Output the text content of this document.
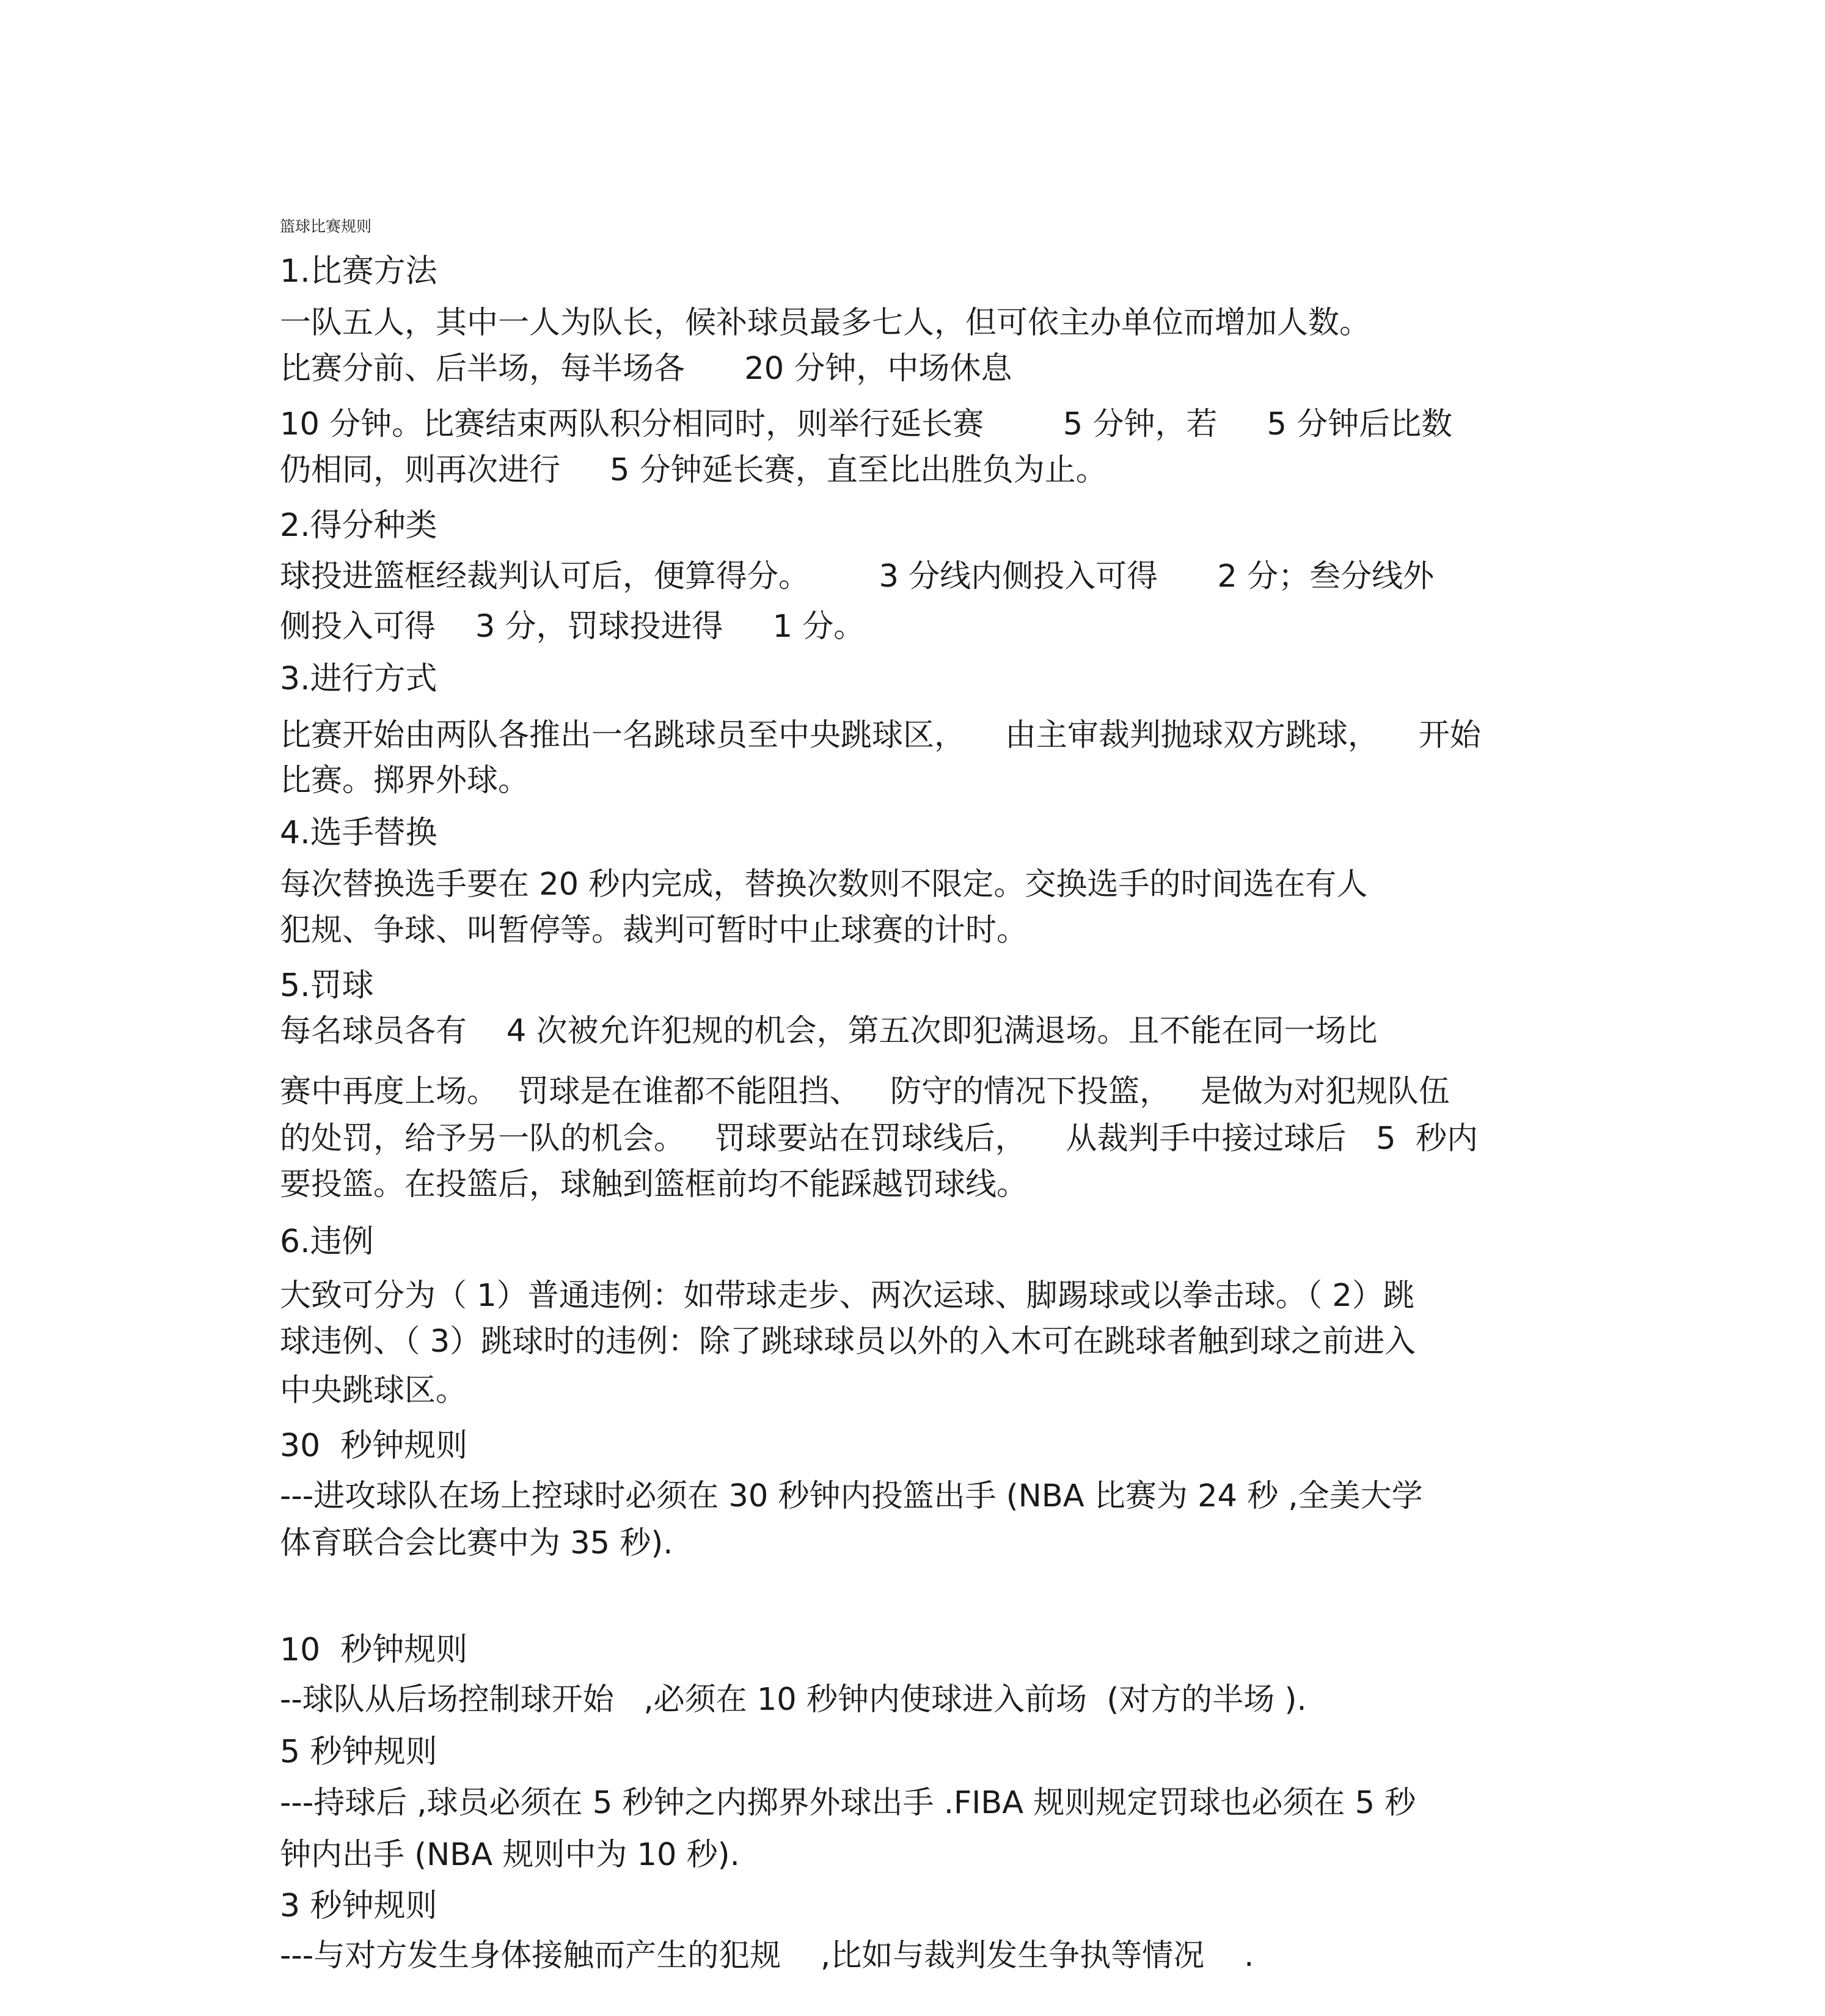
篮球比赛规则
1.比赛方法
一队五人，其中一人为队长，候补球员最多七人，但可依主办单位而增加人数。
比赛分前、后半场，每半场各      20 分钟，中场休息
10 分钟。比赛结束两队积分相同时，则举行延长赛        5 分钟，若     5 分钟后比数
仍相同，则再次进行     5 分钟延长赛，直至比出胜负为止。
2.得分种类
球投进篮框经裁判认可后，便算得分。       3 分线内侧投入可得      2 分；叁分线外
侧投入可得    3 分，罚球投进得     1 分。
3.进行方式
比赛开始由两队各推出一名跳球员至中央跳球区，    由主审裁判抛球双方跳球，    开始
比赛。掷界外球。
4.选手替换
每次替换选手要在 20 秒内完成，替换次数则不限定。交换选手的时间选在有人
犯规、争球、叫暂停等。裁判可暂时中止球赛的计时。
5.罚球
每名球员各有    4 次被允许犯规的机会，第五次即犯满退场。且不能在同一场比
赛中再度上场。  罚球是在谁都不能阻挡、   防守的情况下投篮，   是做为对犯规队伍
的处罚，给予另一队的机会。   罚球要站在罚球线后，    从裁判手中接过球后   5  秒内
要投篮。在投篮后，球触到篮框前均不能踩越罚球线。
6.违例
大致可分为（ 1）普通违例：如带球走步、两次运球、脚踢球或以拳击球。（ 2）跳
球违例、（ 3）跳球时的违例：除了跳球球员以外的入木可在跳球者触到球之前进入
中央跳球区。
30  秒钟规则
---进攻球队在场上控球时必须在 30 秒钟内投篮出手 (NBA 比赛为 24 秒 ,全美大学
体育联合会比赛中为 35 秒).
10  秒钟规则
--球队从后场控制球开始   ,必须在 10 秒钟内使球进入前场  (对方的半场 ).
5 秒钟规则
---持球后 ,球员必须在 5 秒钟之内掷界外球出手 .FIBA 规则规定罚球也必须在 5 秒
钟内出手 (NBA 规则中为 10 秒).
3 秒钟规则
---与对方发生身体接触而产生的犯规    ,比如与裁判发生争执等情况    .
